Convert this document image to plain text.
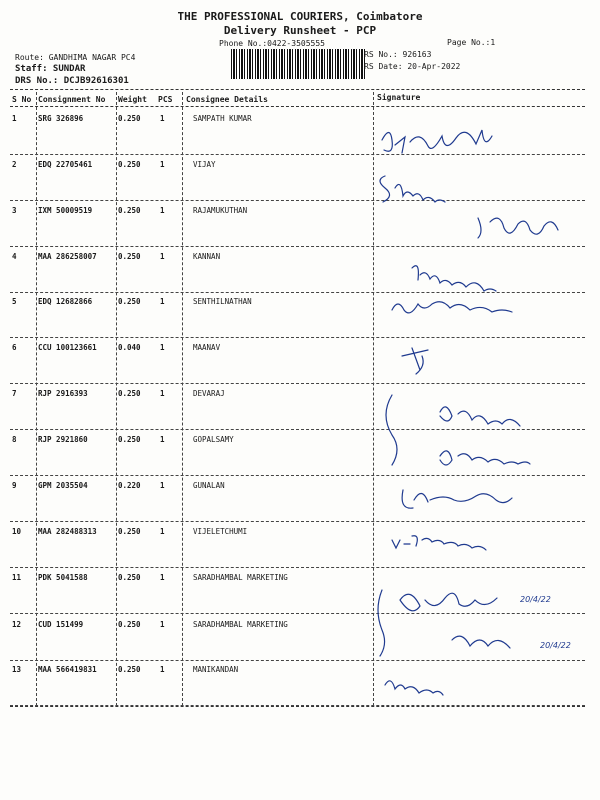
THE PROFESSIONAL COURIERS, Coimbatore
Delivery Runsheet - PCP
Phone No.:0422-3505555	Page No.:1
Route: GANDHIMA NAGAR PC4
Staff: SUNDAR
DRS No.: DCJB92616301
RS No.: 926163
RS Date: 20-Apr-2022
S No Consignment No Weight PCS Consignee Details	Signature
1	SRG 326896	0.250	1	SAMPATH KUMAR
2	EDQ 22705461	0.250	1	VIJAY
3	IXM 50009519	0.250	1	RAJAMUKUTHAN
4	MAA 286258007	0.250	1	KANNAN
5	EDQ 12682866	0.250	1	SENTHILNATHAN
6	CCU 100123661	0.040	1	MAANAV
7	RJP 2916393	0.250	1	DEVARAJ
8	RJP 2921860	0.250	1	GOPALSAMY
9	GPM 2035504	0.220	1	GUNALAN
10 MAA 282488313	0.250	1	VIJELETCHUMI
11 PDK 5041588	0.250	1	SARADHAMBAL MARKETING
12 CUD 151499	0.250	1	SARADHAMBAL MARKETING
13 MAA 566419831	0.250	1	MANIKANDAN
20/4/22
20/4/22
